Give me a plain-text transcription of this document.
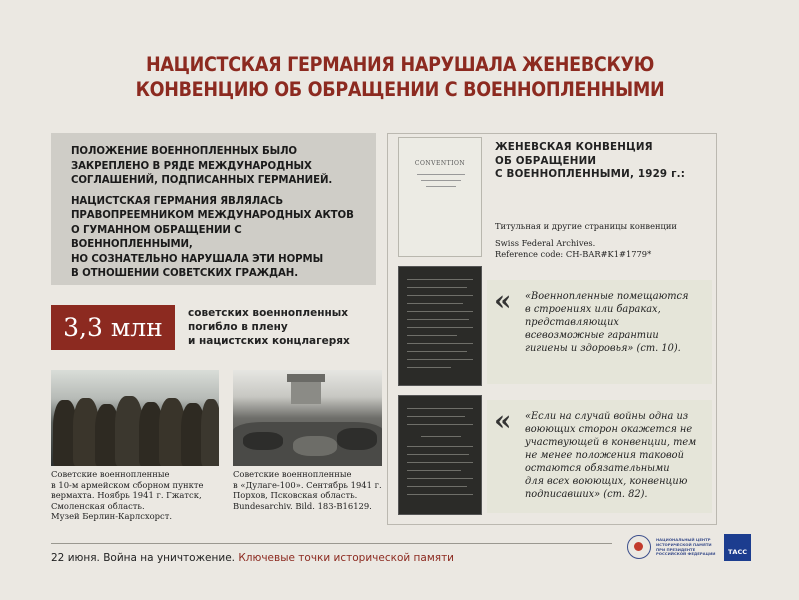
НАЦИСТСКАЯ ГЕРМАНИЯ НАРУШАЛА ЖЕНЕВСКУЮ
КОНВЕНЦИЮ ОБ ОБРАЩЕНИИ С ВОЕННОПЛЕННЫМИ

ПОЛОЖЕНИЕ ВОЕННОПЛЕННЫХ БЫЛО
ЗАКРЕПЛЕНО В РЯДЕ МЕЖДУНАРОДНЫХ
СОГЛАШЕНИЙ, ПОДПИСАННЫХ ГЕРМАНИЕЙ.

НАЦИСТСКАЯ ГЕРМАНИЯ ЯВЛЯЛАСЬ
ПРАВОПРЕЕМНИКОМ МЕЖДУНАРОДНЫХ АКТОВ
О ГУМАННОМ ОБРАЩЕНИИ С ВОЕННОПЛЕННЫМИ,
НО СОЗНАТЕЛЬНО НАРУШАЛА ЭТИ НОРМЫ
В ОТНОШЕНИИ СОВЕТСКИХ ГРАЖДАН.

3,3 млн	советских военнопленных
погибло в плену
и нацистских концлагерях
Советские военнопленные
в 10-м армейском сборном пункте
вермахта. Ноябрь 1941 г. Гжатск,
Смоленская область.
Музей Берлин-Карлсхорст.
Советские военнопленные
в «Дулаге-100». Сентябрь 1941 г.
Порхов, Псковская область.
Bundesarchiv. Bild. 183-B16129.
CONVENTION
ЖЕНЕВСКАЯ КОНВЕНЦИЯ
ОБ ОБРАЩЕНИИ
С ВОЕННОПЛЕННЫМИ, 1929 г.:
Титульная и другие страницы конвенции
Swiss Federal Archives.
Reference code: CH-BAR#K1#1779*
« «Военнопленные помещаются
в строениях или бараках,
представляющих
всевозможные гарантии
гигиены и здоровья» (ст. 10).
« «Если на случай войны одна из
воюющих сторон окажется не
участвующей в конвенции, тем
не менее положения таковой
остаются обязательными
для всех воюющих, конвенцию
подписавших» (ст. 82).
22 июня. Война на уничтожение. Ключевые точки исторической памяти
НАЦИОНАЛЬНЫЙ ЦЕНТР
ИСТОРИЧЕСКОЙ ПАМЯТИ
ПРИ ПРЕЗИДЕНТЕ
РОССИЙСКОЙ ФЕДЕРАЦИИ	ТАСС
